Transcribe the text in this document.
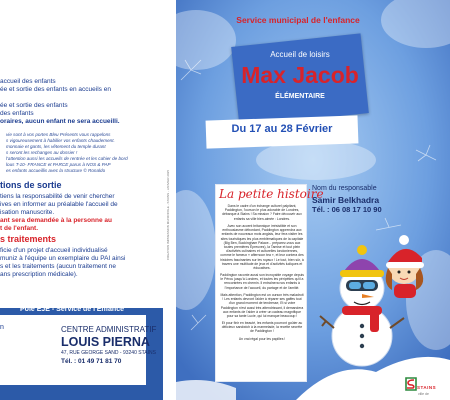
accueil des enfants
ée et sortie des enfants en accueils en
ée et sortie des enfants
des enfants
oraires, aucun enfant ne sera accueilli.
vie sont à vos portes Bleu Présents vous rappelons
s vigoureusement à habiller vos enfants chaudement.
monnaie et gants, les vêtement du temple durant
s seront les rechanges au dossier !
l'attention aussi les accueils de rentrée et les cahier de bord
lous T-10- FRANCE et PARCE parus à NOS & PAP
es enfants accueillis avec la structure © Ronaldo
tions de sortie
tiens la responsabilité de venir chercher
ives en informer au préalable l'accueil de
isation manuscrite.
ant sera demandée à la personne au
t de l'enfant.
s traitements
ficie d'un projet d'accueil individualisé
muniz à l'équipe un exemplaire du PAI ainsi
s et les traitements (aucun traitement ne
ans prescription médicale).
Pôle EJE - Service de l'Enfance
CENTRE ADMINISTRATIF
LOUIS PIERNA
47, RUE GEORGE SAND - 93240 STAINS
Tél. : 01 49 71 81 70
n
Service municipal de l'enfance
Accueil de loisirs
Max Jacob
ÉLÉMENTAIRE
Du 17 au 28 Février
La petite histoire
Dans le cadre d'un échange culturel palpitant, Paddington, l'ourson le plus adorable de Londres, débarque à Stains ! Sa mission ? Faire découvrir aux enfants sa ville bien-aimée : Londres.
Avec son accent britannique irrésistible et son enthousiasme débordant, Paddington apprendra aux enfants de nouveaux mots anglais, leur fera visiter les sites touristiques les plus emblématiques de la capitale (Big Ben, Buckingham Palace... préparez-vous aux toutes premières Épreuves), la Tamise et tout plein d'activités culinaires et culturelles londoniennes, comme le fameux « afternoon tea », et leur contera des histoires fascinantes sur les royaux ! Le tout, bien sûr, à travers une multitude de jeux et d'activités ludiques et éducatives.
Paddington raconte aussi son incroyable voyage depuis le Pérou jusqu'à Londres, et toutes les péripéties qu'il a rencontrées en chemin. Il entraînera nos enfants à l'importance de l'accueil, du partage et de l'amitié.
Mais attention, Paddington est un ourson très maladroit ! Les enfants devront l'aider à réparer ses gaffes tout d'un grand moment de tendresse, Et si votre Paddington n'est aussi très attendrissant, il demandera aux enfants de l'aider à créer un cadeau magnifique pour sa tante Lucie, qui lui manque beaucoup !
Et pour finir en beauté, les enfants pourront goûter au délicieux sandwich à la marmelade, la recette secrète de Paddington !
Un vrai régal pour les papilles !
Nom du responsable
Samir Belkhadra
Tél. : 06 08 17 10 90
CREATION IMPRESSION MUNICIPALE - STAINS - JANVIER 2025
STAINS
ville de
